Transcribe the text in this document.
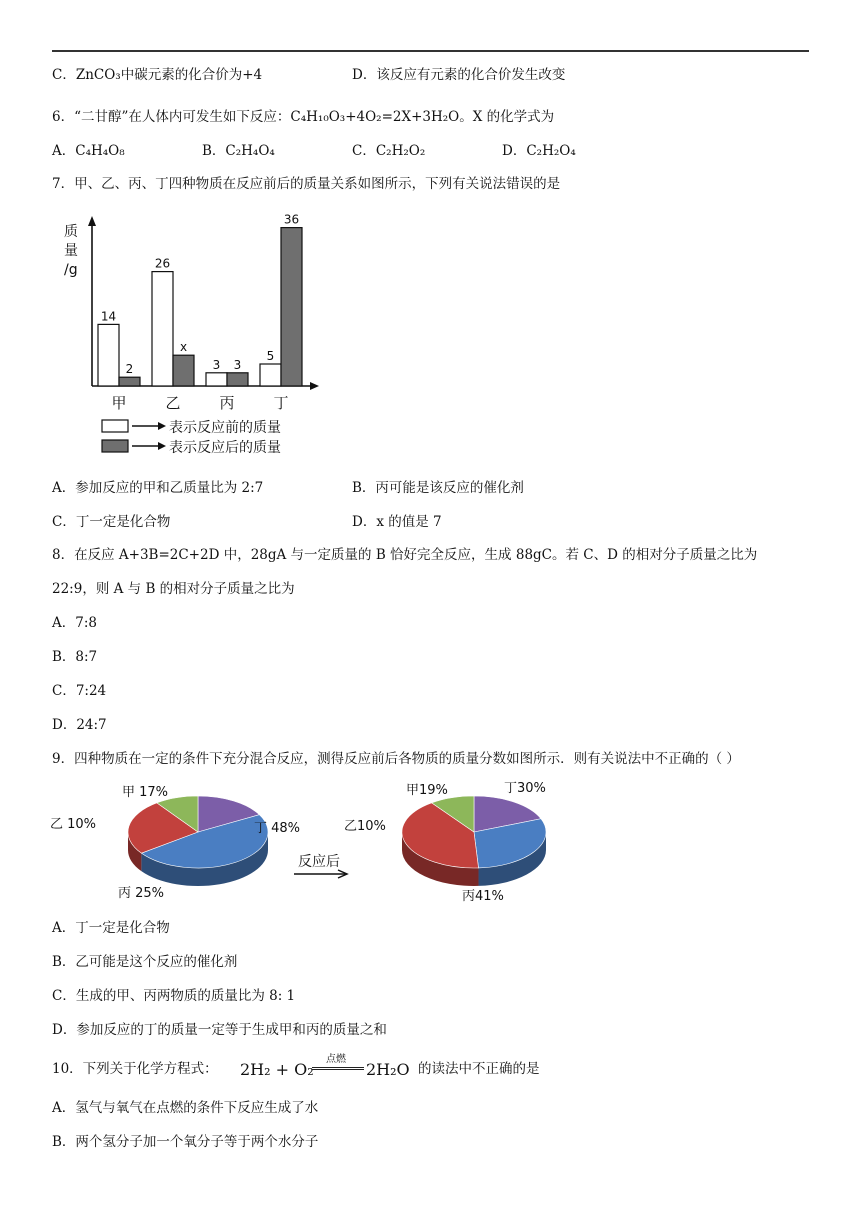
C．ZnCO₃中碳元素的化合价为+4	D．该反应有元素的化合价发生改变
6．“二甘醇”在人体内可发生如下反应：C₄H₁₀O₃+4O₂=2X+3H₂O。X 的化学式为
A．C₄H₄O₈	B．C₂H₄O₄	C．C₂H₂O₂	D．C₂H₂O₄
7．甲、乙、丙、丁四种物质在反应前后的质量关系如图所示，下列有关说法错误的是
质
量
/g
14
2
甲
26
x
乙
3 3
丙
5
36
丁
表示反应前的质量
表示反应后的质量
A．参加反应的甲和乙质量比为 2:7	B．丙可能是该反应的催化剂
C．丁一定是化合物	D．x 的值是 7
8．在反应 A+3B=2C+2D 中，28gA 与一定质量的 B 恰好完全反应，生成 88gC。若 C、D 的相对分子质量之比为
22:9，则 A 与 B 的相对分子质量之比为
A．7:8
B．8:7
C．7:24
D．24:7
9．四种物质在一定的条件下充分混合反应，测得反应前后各物质的质量分数如图所示．则有关说法中不正确的（ ）
甲 17%
丁 48%
丙 25%
乙 10%
甲19%	丁30%
丙41%
乙10%
反应后
A．丁一定是化合物
B．乙可能是这个反应的催化剂
C．生成的甲、丙两物质的质量比为 8: 1
D．参加反应的丁的质量一定等于生成甲和丙的质量之和
10．下列关于化学方程式： 2H₂ + O₂
点燃
2H₂O 的读法中不正确的是
A．氢气与氧气在点燃的条件下反应生成了水
B．两个氢分子加一个氧分子等于两个水分子
